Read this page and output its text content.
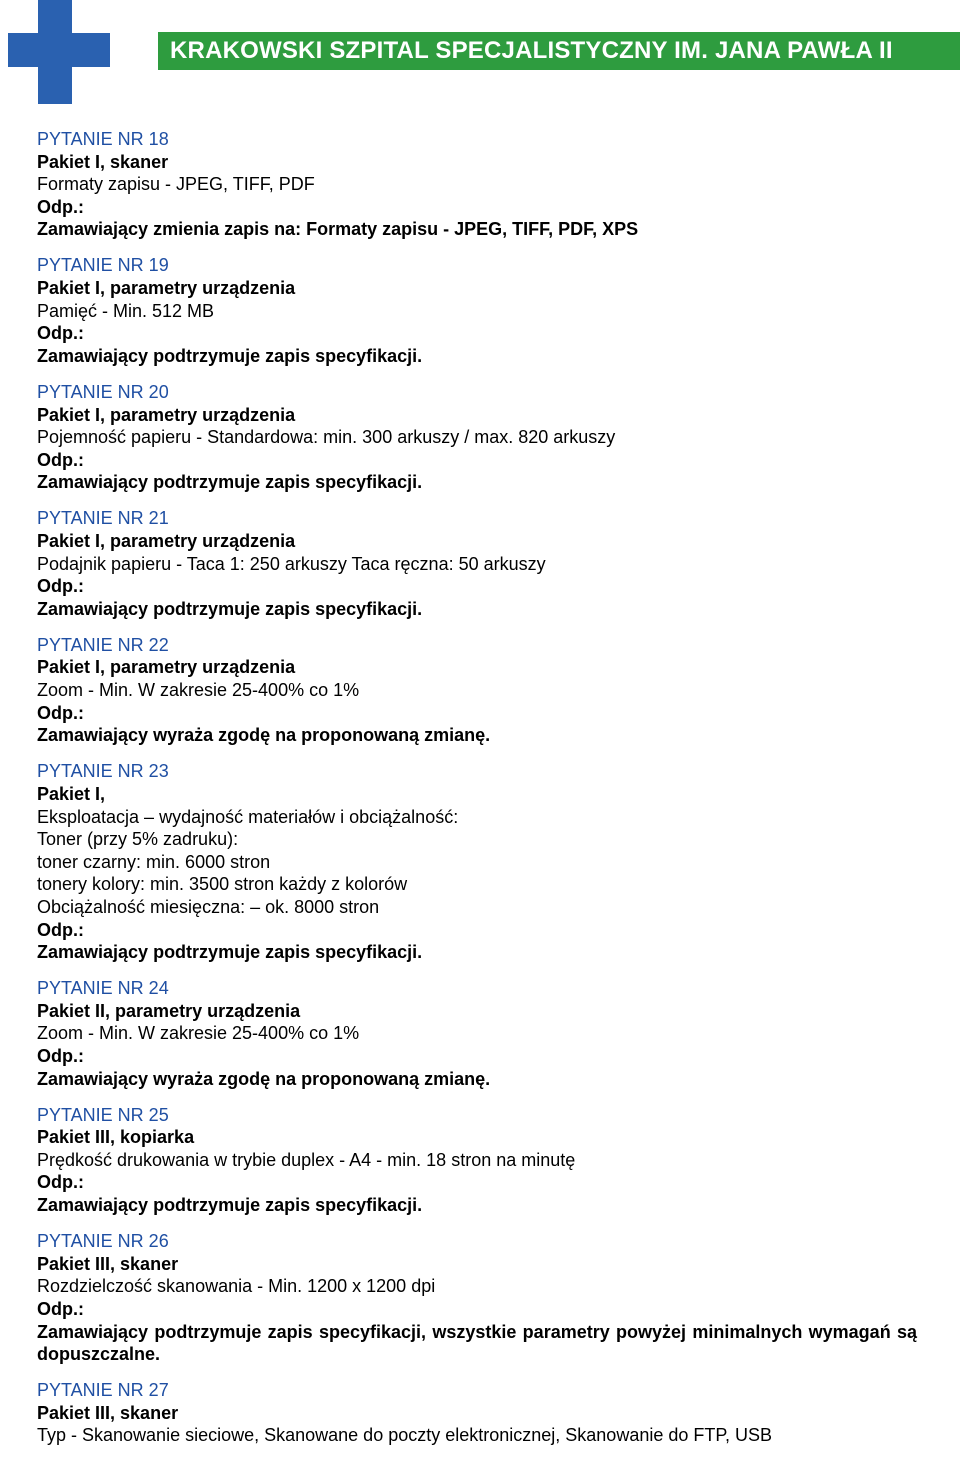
KRAKOWSKI SZPITAL SPECJALISTYCZNY IM. JANA PAWŁA II

PYTANIE NR 18

Pakiet I, skaner

Formaty zapisu - JPEG, TIFF, PDF

Odp.:

Zamawiający zmienia zapis na: Formaty zapisu - JPEG, TIFF, PDF, XPS

PYTANIE NR 19

Pakiet I, parametry urządzenia

Pamięć - Min. 512 MB

Odp.:

Zamawiający podtrzymuje zapis specyfikacji.

PYTANIE NR 20

Pakiet I, parametry urządzenia

Pojemność papieru - Standardowa: min. 300 arkuszy / max. 820 arkuszy

Odp.:

Zamawiający podtrzymuje zapis specyfikacji.

PYTANIE NR 21

Pakiet I, parametry urządzenia

Podajnik papieru - Taca 1: 250 arkuszy Taca ręczna: 50 arkuszy

Odp.:

Zamawiający podtrzymuje zapis specyfikacji.

PYTANIE NR 22

Pakiet I, parametry urządzenia

Zoom - Min. W zakresie 25-400% co 1%

Odp.:

Zamawiający wyraża zgodę na proponowaną zmianę.

PYTANIE NR 23

Pakiet I,

Eksploatacja – wydajność materiałów i obciążalność:

Toner (przy 5% zadruku):

toner czarny: min. 6000 stron

tonery kolory: min. 3500 stron każdy z kolorów

Obciążalność miesięczna: – ok. 8000 stron

Odp.:

Zamawiający podtrzymuje zapis specyfikacji.

PYTANIE NR 24

Pakiet II, parametry urządzenia

Zoom - Min. W zakresie 25-400% co 1%

Odp.:

Zamawiający wyraża zgodę na proponowaną zmianę.

PYTANIE NR 25

Pakiet III, kopiarka

Prędkość drukowania w trybie duplex - A4 - min. 18 stron na minutę

Odp.:

Zamawiający podtrzymuje zapis specyfikacji.

PYTANIE NR 26

Pakiet III, skaner

Rozdzielczość skanowania - Min. 1200 x 1200 dpi

Odp.:

Zamawiający podtrzymuje zapis specyfikacji, wszystkie parametry powyżej minimalnych wymagań są dopuszczalne.

PYTANIE NR 27

Pakiet III, skaner

Typ - Skanowanie sieciowe, Skanowane do poczty elektronicznej, Skanowanie do FTP, USB
